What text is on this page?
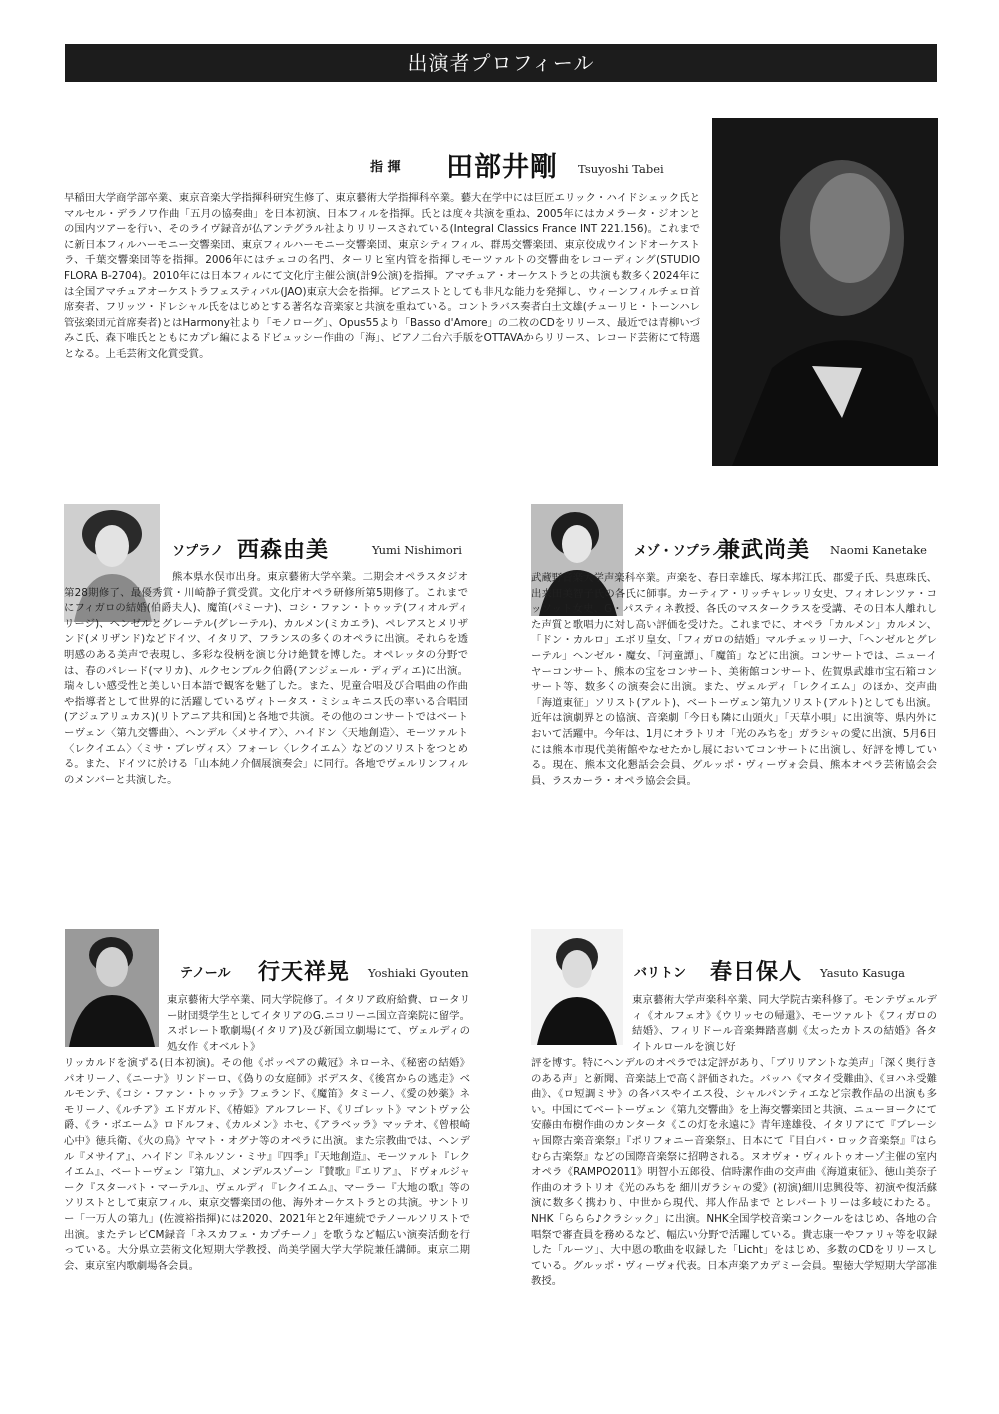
出演者プロフィール
指 揮 田部井剛 Tsuyoshi Tabei

早稲田大学商学部卒業、東京音楽大学指揮科研究生修了、東京藝術大学指揮科卒業。藝大在学中には巨匠エリック・ハイドシェック氏とマルセル・デラノワ作曲「五月の協奏曲」を日本初演、日本フィルを指揮。氏とは度々共演を重ね、2005年にはカメラータ・ジオンとの国内ツアーを行い、そのライヴ録音が仏アンテグラル社よりリリースされている(Integral Classics France INT 221.156)。これまでに新日本フィルハーモニー交響楽団、東京フィルハーモニー交響楽団、東京シティフィル、群馬交響楽団、東京佼成ウインドオーケストラ、千葉交響楽団等を指揮。2006年にはチェコの名門、ターリヒ室内管を指揮しモーツァルトの交響曲をレコーディング(STUDIO FLORA B-2704)。2010年には日本フィルにて文化庁主催公演(計9公演)を指揮。アマチュア・オーケストラとの共演も数多く2024年には全国アマチュアオーケストラフェスティバル(JAO)東京大会を指揮。ピアニストとしても非凡な能力を発揮し、ウィーンフィルチェロ首席奏者、フリッツ・ドレシャル氏をはじめとする著名な音楽家と共演を重ねている。コントラバス奏者白土文雄(チューリヒ・トーンハレ管弦楽団元首席奏者)とはHarmony社より「モノローグ」、Opus55より「Basso d'Amore」の二枚のCDをリリース、最近では青柳いづみこ氏、森下唯氏とともにカプレ編によるドビュッシー作曲の「海」、ピアノ二台六手版をOTTAVAからリリース、レコード芸術にて特選となる。上毛芸術文化賞受賞。

ソプラノ 西森由美	Yumi Nishimori

熊本県水俣市出身。東京藝術大学卒業。二期会オペラスタジオ第28期修了、最優秀賞・川崎静子賞受賞。文化庁オペラ研修所第5期修了。これまでにフィガロの結婚(伯爵夫人)、魔笛(パミーナ)、コシ・ファン・トゥッテ(フィオルディリージ)、ヘンゼルとグレーテル(グレーテル)、カルメン(ミカエラ)、ペレアスとメリザンド(メリザンド)などドイツ、イタリア、フランスの多くのオペラに出演。それらを透明感のある美声で表現し、多彩な役柄を演じ分け絶賛を博した。オペレッタの分野では、春のパレード(マリカ)、ルクセンブルク伯爵(アンジェール・ディディエ)に出演。瑞々しい感受性と美しい日本語で観客を魅了した。また、児童合唱及び合唱曲の作曲や指導者として世界的に活躍しているヴィトータス・ミシュキニス氏の率いる合唱団(アジュアリュカス)(リトアニア共和国)と各地で共演。その他のコンサートではベートーヴェン〈第九交響曲〉、ヘンデル〈メサイア〉、ハイドン〈天地創造〉、モーツァルト〈レクイエム〉〈ミサ・ブレヴィス〉フォーレ〈レクイエム〉などのソリストをつとめる。また、ドイツに於ける「山本純ノ介個展演奏会」に同行。各地でヴェルリンフィルのメンバーと共演した。

メゾ・ソプラノ
兼武尚美 Naomi Kanetake

武蔵野音楽大学声楽科卒業。声楽を、春日幸雄氏、塚本邦江氏、郡愛子氏、呉恵珠氏、出来田美智子氏の各氏に師事。カーティア・リッチャレッリ女史、フィオレンツァ・コッソット女史、G・パスティネ教授、各氏のマスタークラスを受講、その日本人離れした声質と歌唱力に対し高い評価を受けた。これまでに、オペラ「カルメン」カルメン、「ドン・カルロ」エボリ皇女、「フィガロの結婚」マルチェッリーナ、「ヘンゼルとグレーテル」ヘンゼル・魔女、「河童譚」、「魔笛」などに出演。コンサートでは、ニューイヤーコンサート、熊本の宝をコンサート、美術館コンサート、佐賀県武雄市宝石箱コンサート等、数多くの演奏会に出演。また、ヴェルディ「レクイエム」のほか、交声曲「海道東征」ソリスト(アルト)、ベートーヴェン第九ソリスト(アルト)としても出演。近年は演劇界との協演、音楽劇「今日も隣に山頭火」「天草小唄」に出演等、県内外において活躍中。今年は、1月にオラトリオ「光のみちを」ガラシャの愛に出演、5月6日には熊本市現代美術館やなせたかし展においてコンサートに出演し、好評を博している。現在、熊本文化懇話会会員、グルッポ・ヴィーヴォ会員、熊本オペラ芸術協会会員、ラスカーラ・オペラ協会会員。

テノール 行天祥晃 Yoshiaki Gyouten

東京藝術大学卒業、同大学院修了。イタリア政府給費、ロータリー財団奨学生としてイタリアのG.ニコリーニ国立音楽院に留学。スポレート歌劇場(イタリア)及び新国立劇場にて、ヴェルディの処女作《オベルト》

リッカルドを演ずる(日本初演)。その他《ポッペアの戴冠》ネローネ、《秘密の結婚》パオリーノ、《ニーナ》リンドーロ、《偽りの女庭師》ボデスタ、《後宮からの逃走》ベルモンテ、《コシ・ファン・トゥッテ》フェランド、《魔笛》タミーノ、《愛の妙薬》ネモリーノ、《ルチア》エドガルド、《椿姫》アルフレード、《リゴレット》マントヴァ公爵、《ラ・ボエーム》ロドルフォ、《カルメン》ホセ、《アラベッラ》マッテオ、《曾根崎心中》徳兵衛、《火の鳥》ヤマト・オグナ等のオペラに出演。また宗教曲では、ヘンデル『メサイア』、ハイドン『ネルソン・ミサ』『四季』『天地創造』、モーツァルト『レクイエム』、ベートーヴェン『第九』、メンデルスゾーン『賛歌』『エリア』、ドヴォルジャーク『スターバト・マーテル』、ヴェルディ『レクイエム』、マーラー『大地の歌』等のソリストとして東京フィル、東京交響楽団の他、海外オーケストラとの共演。サントリー「一万人の第九」(佐渡裕指揮)には2020、2021年と2年連続でテノールソリストで出演。またテレビCM録音「ネスカフェ・カプチーノ」を歌うなど幅広い演奏活動を行っている。大分県立芸術文化短期大学教授、尚美学園大学大学院兼任講師。東京二期会、東京室内歌劇場各会員。

バリトン 春日保人 Yasuto Kasuga

東京藝術大学声楽科卒業、同大学院古楽科修了。モンテヴェルディ《オルフェオ》《ウリッセの帰還》、モーツァルト《フィガロの結婚》、フィリドール音楽舞踏喜劇《太ったカトスの結婚》各タイトルロールを演じ好

評を博す。特にヘンデルのオペラでは定評があり、「ブリリアントな美声」「深く奥行きのある声」と新聞、音楽誌上で高く評価された。バッハ《マタイ受難曲》、《ヨハネ受難曲》、《ロ短調ミサ》の各バスやイエス役、シャルパンティエなど宗教作品の出演も多い。中国にてベートーヴェン《第九交響曲》を上海交響楽団と共演、ニューヨークにて安藤由布樹作曲のカンタータ《この灯を永遠に》青年達雄役、イタリアにて『ブレーシャ国際古楽音楽祭』『ポリフォニー音楽祭』、日本にて『目白バ・ロック音楽祭』『はらむら古楽祭』などの国際音楽祭に招聘される。ヌオヴォ・ヴィルトゥオーゾ主催の室内オペラ《RAMPO2011》明智小五郎役、信時潔作曲の交声曲《海道東征》、徳山美奈子作曲のオラトリオ《光のみちを 細川ガラシャの愛》(初演)細川忠興役等、初演や復活蘇演に数多く携わり、中世から現代、邦人作品まで とレパートリーは多岐にわたる。NHK「ららら♪クラシック」に出演。NHK全国学校音楽コンクールをはじめ、各地の合唱祭で審査員を務めるなど、幅広い分野で活躍している。貴志康一やファリャ等を収録した「ルーツ」、大中恩の歌曲を収録した「Licht」をはじめ、多数のCDをリリースしている。グルッポ・ヴィーヴォ代表。日本声楽アカデミー会員。聖徳大学短期大学部准教授。
